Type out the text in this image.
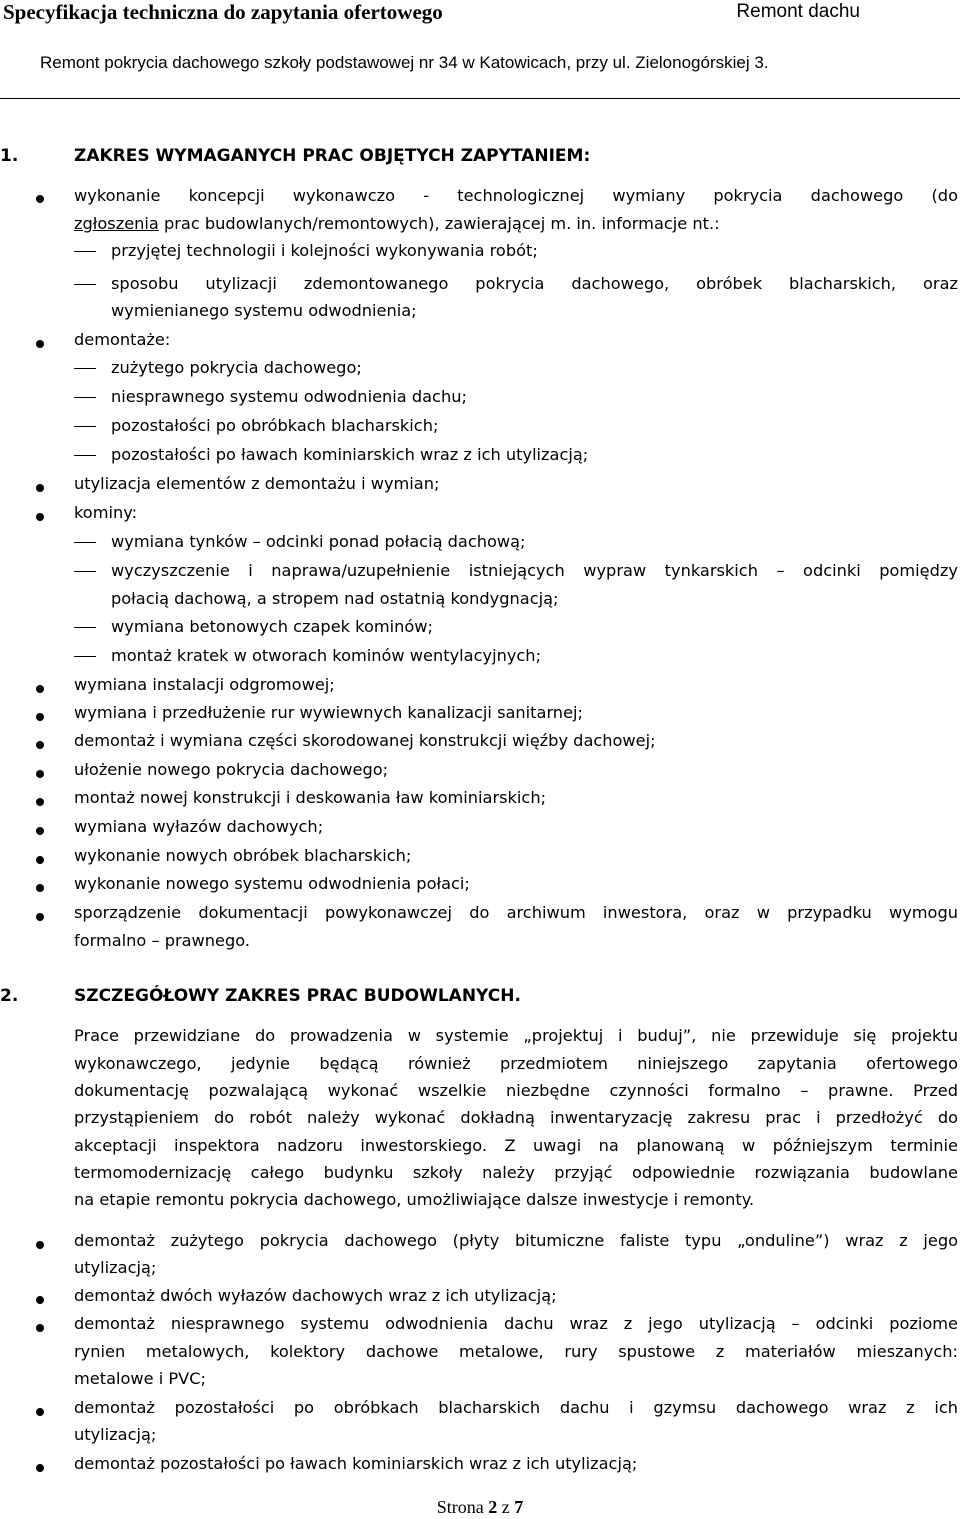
Specyfikacja techniczna do zapytania ofertowego	Remont dachu
Remont pokrycia dachowego szkoły podstawowej nr 34 w Katowicach, przy ul. Zielonogórskiej 3.
1.	ZAKRES WYMAGANYCH PRAC OBJĘTYCH ZAPYTANIEM:
wykonanie koncepcji wykonawczo - technologicznej wymiany pokrycia dachowego (do
zgłoszenia prac budowlanych/remontowych), zawierającej m. in. informacje nt.:
przyjętej technologii i kolejności wykonywania robót;
sposobu utylizacji zdemontowanego pokrycia dachowego, obróbek blacharskich, oraz
wymienianego systemu odwodnienia;
demontaże:
zużytego pokrycia dachowego;
niesprawnego systemu odwodnienia dachu;
pozostałości po obróbkach blacharskich;
pozostałości po ławach kominiarskich wraz z ich utylizacją;
utylizacja elementów z demontażu i wymian;
kominy:
wymiana tynków – odcinki ponad połacią dachową;
wyczyszczenie i naprawa/uzupełnienie istniejących wypraw tynkarskich – odcinki pomiędzy
połacią dachową, a stropem nad ostatnią kondygnacją;
wymiana betonowych czapek kominów;
montaż kratek w otworach kominów wentylacyjnych;
wymiana instalacji odgromowej;
wymiana i przedłużenie rur wywiewnych kanalizacji sanitarnej;
demontaż i wymiana części skorodowanej konstrukcji więźby dachowej;
ułożenie nowego pokrycia dachowego;
montaż nowej konstrukcji i deskowania ław kominiarskich;
wymiana wyłazów dachowych;
wykonanie nowych obróbek blacharskich;
wykonanie nowego systemu odwodnienia połaci;
sporządzenie dokumentacji powykonawczej do archiwum inwestora, oraz w przypadku wymogu
formalno – prawnego.
2.	SZCZEGÓŁOWY ZAKRES PRAC BUDOWLANYCH.
Prace przewidziane do prowadzenia w systemie „projektuj i buduj”, nie przewiduje się projektu
wykonawczego, jedynie będącą również przedmiotem niniejszego zapytania ofertowego
dokumentację pozwalającą wykonać wszelkie niezbędne czynności formalno – prawne. Przed
przystąpieniem do robót należy wykonać dokładną inwentaryzację zakresu prac i przedłożyć do
akceptacji inspektora nadzoru inwestorskiego. Z uwagi na planowaną w późniejszym terminie
termomodernizację całego budynku szkoły należy przyjąć odpowiednie rozwiązania budowlane
na etapie remontu pokrycia dachowego, umożliwiające dalsze inwestycje i remonty.
demontaż zużytego pokrycia dachowego (płyty bitumiczne faliste typu „onduline”) wraz z jego
utylizacją;
demontaż dwóch wyłazów dachowych wraz z ich utylizacją;
demontaż niesprawnego systemu odwodnienia dachu wraz z jego utylizacją – odcinki poziome
rynien metalowych, kolektory dachowe metalowe, rury spustowe z materiałów mieszanych:
metalowe i PVC;
demontaż pozostałości po obróbkach blacharskich dachu i gzymsu dachowego wraz z ich
utylizacją;
demontaż pozostałości po ławach kominiarskich wraz z ich utylizacją;
Strona 2 z 7
